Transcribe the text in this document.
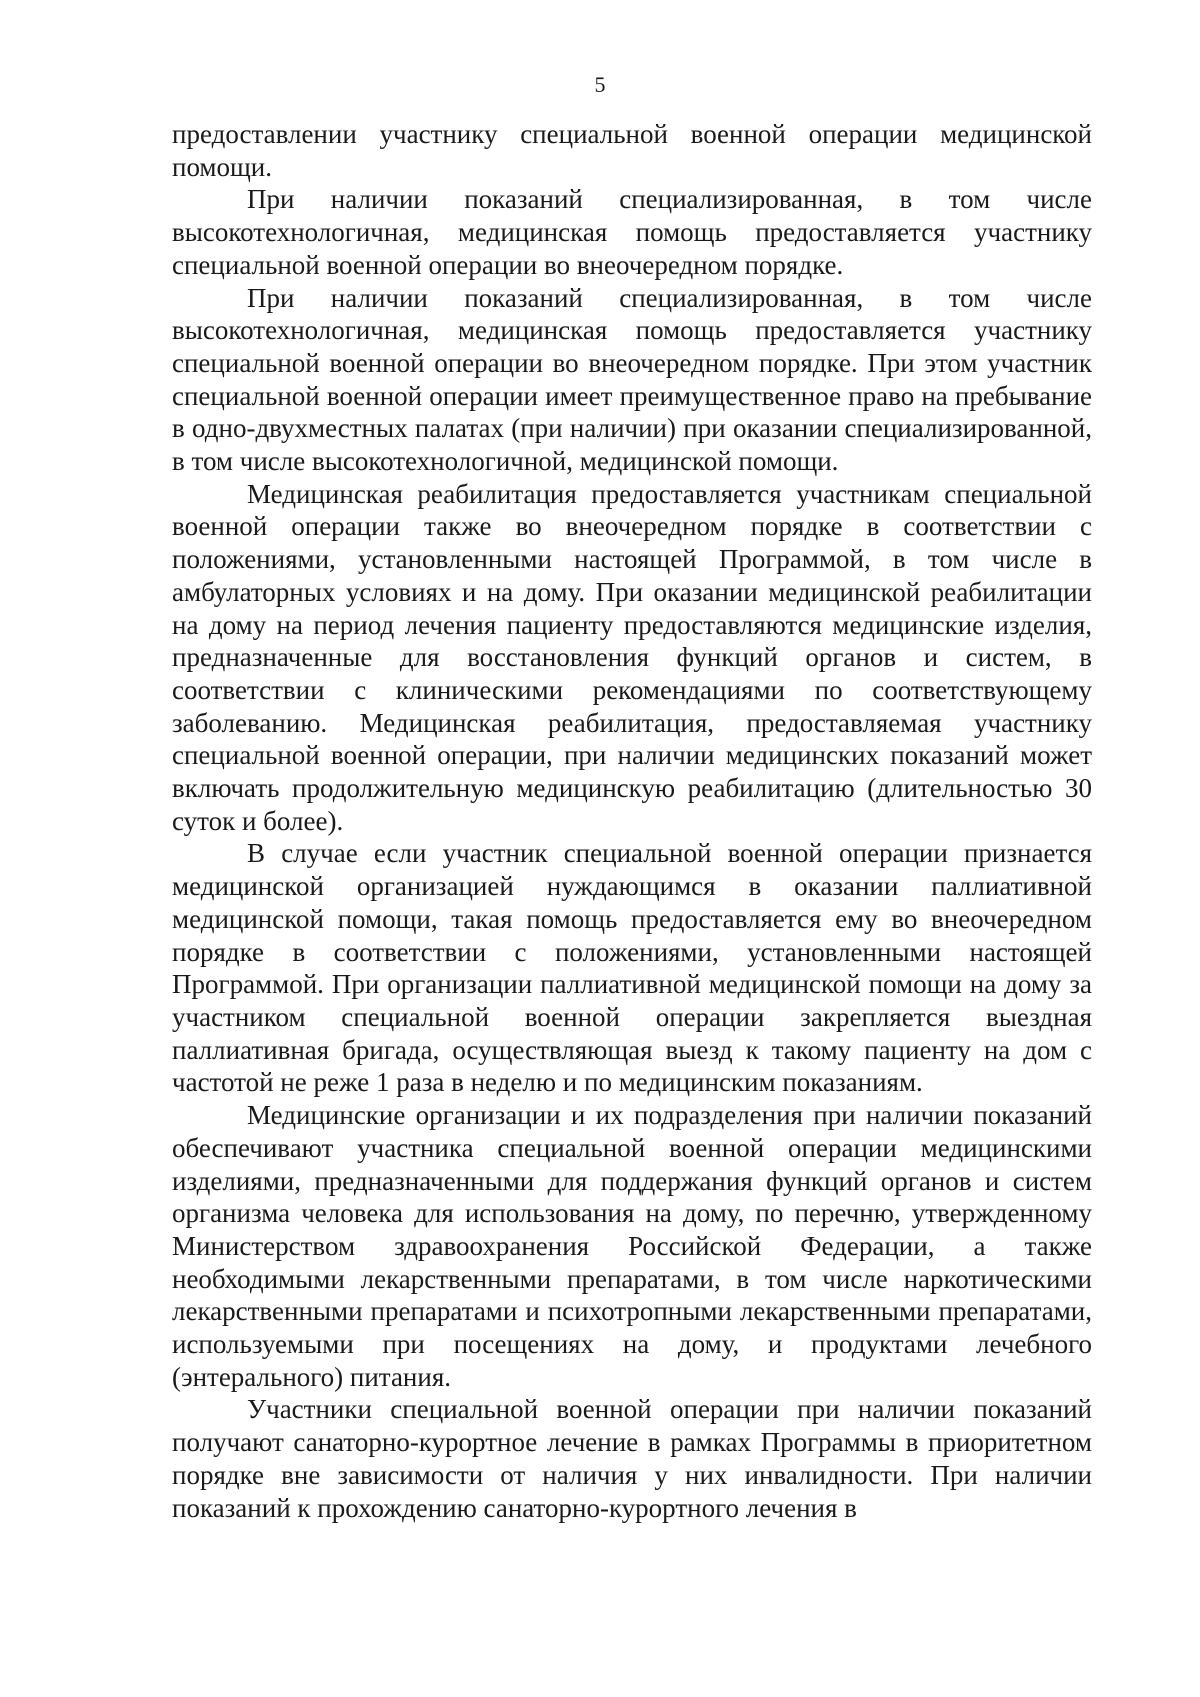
5

предоставлении участнику специальной военной операции медицинской помощи.

При наличии показаний специализированная, в том числе высокотехнологичная, медицинская помощь предоставляется участнику специальной военной операции во внеочередном порядке.

При наличии показаний специализированная, в том числе высокотехнологичная, медицинская помощь предоставляется участнику специальной военной операции во внеочередном порядке. При этом участник специальной военной операции имеет преимущественное право на пребывание в одно-двухместных палатах (при наличии) при оказании специализированной, в том числе высокотехнологичной, медицинской помощи.

Медицинская реабилитация предоставляется участникам специальной военной операции также во внеочередном порядке в соответствии с положениями, установленными настоящей Программой, в том числе в амбулаторных условиях и на дому. При оказании медицинской реабилитации на дому на период лечения пациенту предоставляются медицинские изделия, предназначенные для восстановления функций органов и систем, в соответствии с клиническими рекомендациями по соответствующему заболеванию. Медицинская реабилитация, предоставляемая участнику специальной военной операции, при наличии медицинских показаний может включать продолжительную медицинскую реабилитацию (длительностью 30 суток и более).

В случае если участник специальной военной операции признается медицинской организацией нуждающимся в оказании паллиативной медицинской помощи, такая помощь предоставляется ему во внеочередном порядке в соответствии с положениями, установленными настоящей Программой. При организации паллиативной медицинской помощи на дому за участником специальной военной операции закрепляется выездная паллиативная бригада, осуществляющая выезд к такому пациенту на дом с частотой не реже 1 раза в неделю и по медицинским показаниям.

Медицинские организации и их подразделения при наличии показаний обеспечивают участника специальной военной операции медицинскими изделиями, предназначенными для поддержания функций органов и систем организма человека для использования на дому, по перечню, утвержденному Министерством здравоохранения Российской Федерации, а также необходимыми лекарственными препаратами, в том числе наркотическими лекарственными препаратами и психотропными лекарственными препаратами, используемыми при посещениях на дому, и продуктами лечебного (энтерального) питания.

Участники специальной военной операции при наличии показаний получают санаторно-курортное лечение в рамках Программы в приоритетном порядке вне зависимости от наличия у них инвалидности. При наличии показаний к прохождению санаторно-курортного лечения в
